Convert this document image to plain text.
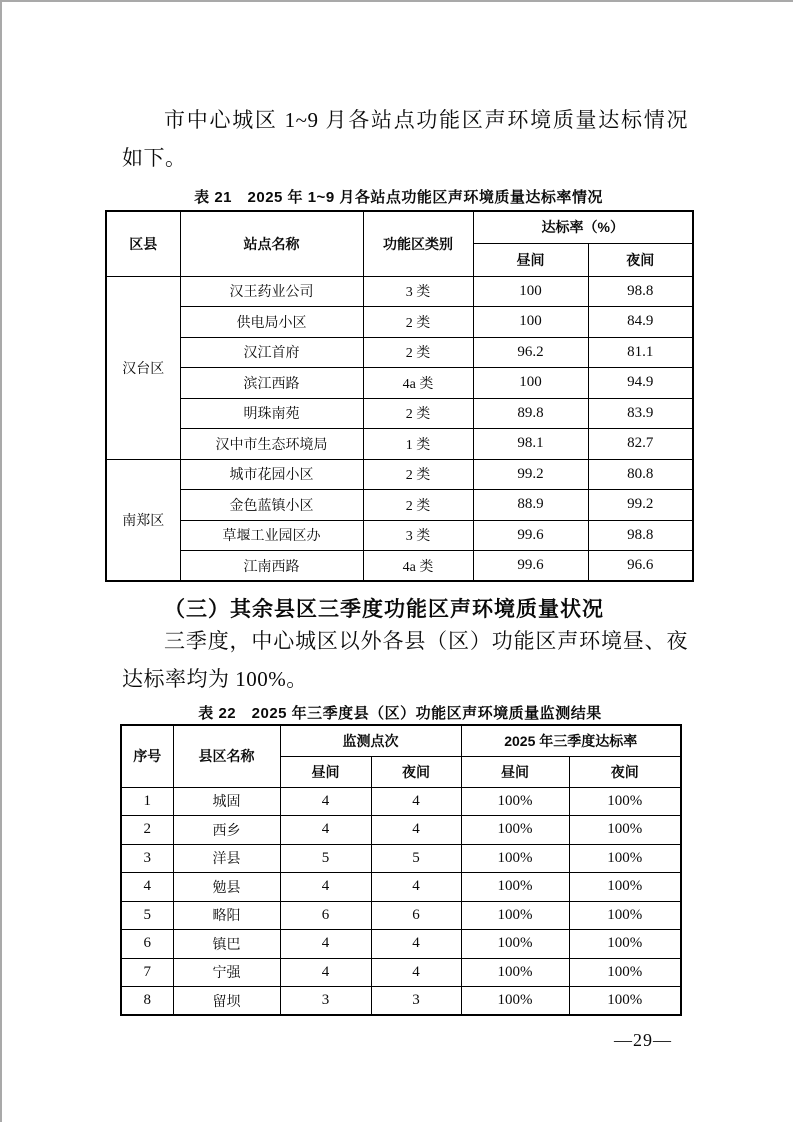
市中心城区 1~9 月各站点功能区声环境质量达标情况
如下。
表 21　2025 年 1~9 月各站点功能区声环境质量达标率情况
区县	站点名称	功能区类别	达标率（%）	
			昼间	夜间
汉台区	汉王药业公司	3 类	100	98.8
	供电局小区	2 类	100	84.9
	汉江首府	2 类	96.2	81.1
	滨江西路	4a 类	100	94.9
	明珠南苑	2 类	89.8	83.9
	汉中市生态环境局	1 类	98.1	82.7
南郑区	城市花园小区	2 类	99.2	80.8
	金色蓝镇小区	2 类	88.9	99.2
	草堰工业园区办	3 类	99.6	98.8
	江南西路	4a 类	99.6	96.6
（三）其余县区三季度功能区声环境质量状况
三季度，中心城区以外各县（区）功能区声环境昼、夜
达标率均为 100%。
表 22　2025 年三季度县（区）功能区声环境质量监测结果
序号	县区名称	监测点次		2025 年三季度达标率	
		昼间	夜间	昼间	夜间
1	城固	4	4	100%	100%
2	西乡	4	4	100%	100%
3	洋县	5	5	100%	100%
4	勉县	4	4	100%	100%
5	略阳	6	6	100%	100%
6	镇巴	4	4	100%	100%
7	宁强	4	4	100%	100%
8	留坝	3	3	100%	100%
—29—
